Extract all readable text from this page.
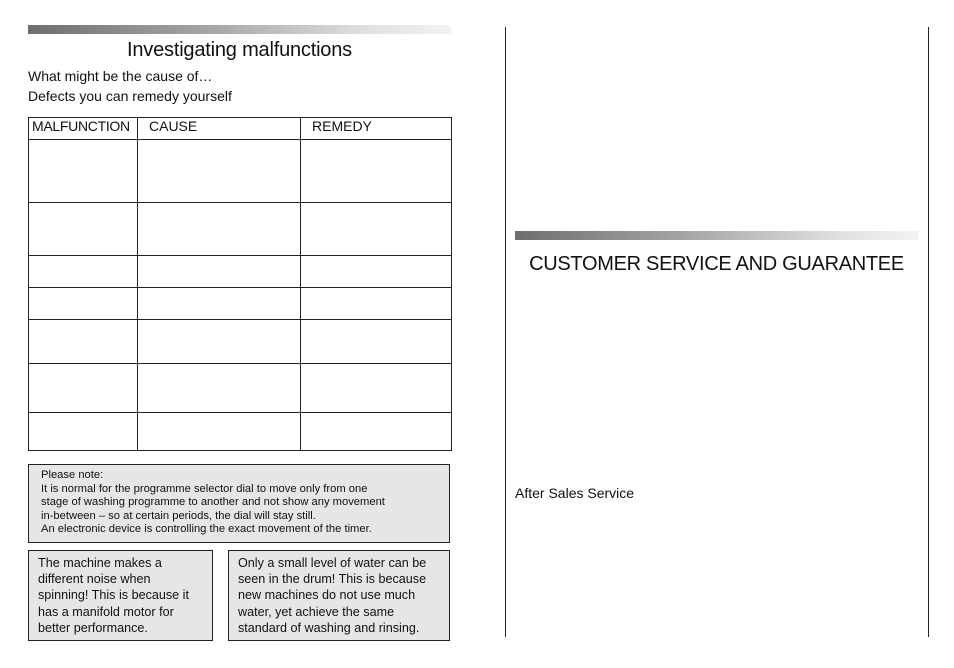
Investigating malfunctions
What might be the cause of…
Defects you can remedy yourself
MALFUNCTION	CAUSE	REMEDY

Please note:
It is normal for the programme selector dial to move only from one
stage of washing programme to another and not show any movement
in-between – so at certain periods, the dial will stay still.
An electronic device is controlling the exact movement of the timer.
The machine makes a
different noise when
spinning! This is because it
has a manifold motor for
better performance.
Only a small level of water can be
seen in the drum! This is because
new machines do not use much
water, yet achieve the same
standard of washing and rinsing.
CUSTOMER SERVICE AND GUARANTEE
After Sales Service
